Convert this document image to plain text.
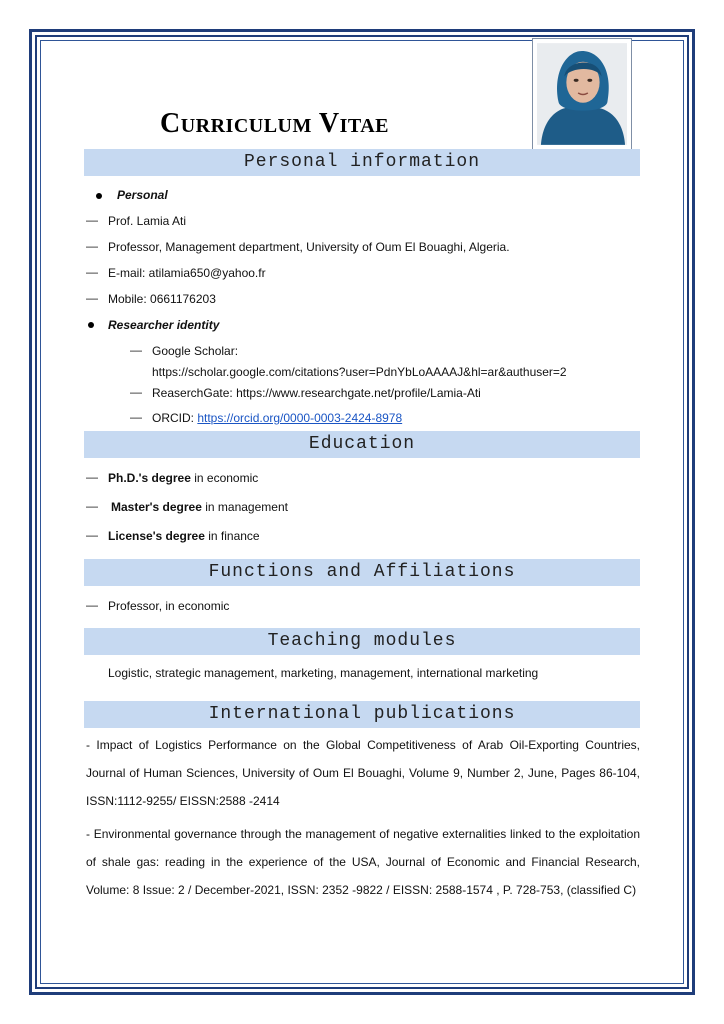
Curriculum Vitae
Personal information
Personal
— Prof. Lamia Ati
— Professor, Management department, University of Oum El Bouaghi, Algeria.
— E-mail: atilamia650@yahoo.fr
— Mobile: 0661176203
Researcher identity
— Google Scholar:
https://scholar.google.com/citations?user=PdnYbLoAAAAJ&hl=ar&authuser=2
— ReaserchGate: https://www.researchgate.net/profile/Lamia-Ati
— ORCID: https://orcid.org/0000-0003-2424-8978
Education
— Ph.D.'s degree in economic
— Master's degree in management
— License's degree in finance
Functions and Affiliations
— Professor, in economic
Teaching modules
Logistic, strategic management, marketing, management, international marketing
International publications
- Impact of Logistics Performance on the Global Competitiveness of Arab Oil-Exporting Countries, Journal of Human Sciences, University of Oum El Bouaghi, Volume 9, Number 2, June, Pages 86-104, ISSN:1112-9255/ EISSN:2588 -2414
- Environmental governance through the management of negative externalities linked to the exploitation of shale gas: reading in the experience of the USA, Journal of Economic and Financial Research, Volume: 8 Issue: 2 / December-2021, ISSN: 2352 -9822 / EISSN: 2588-1574 , P. 728-753, (classified C)
